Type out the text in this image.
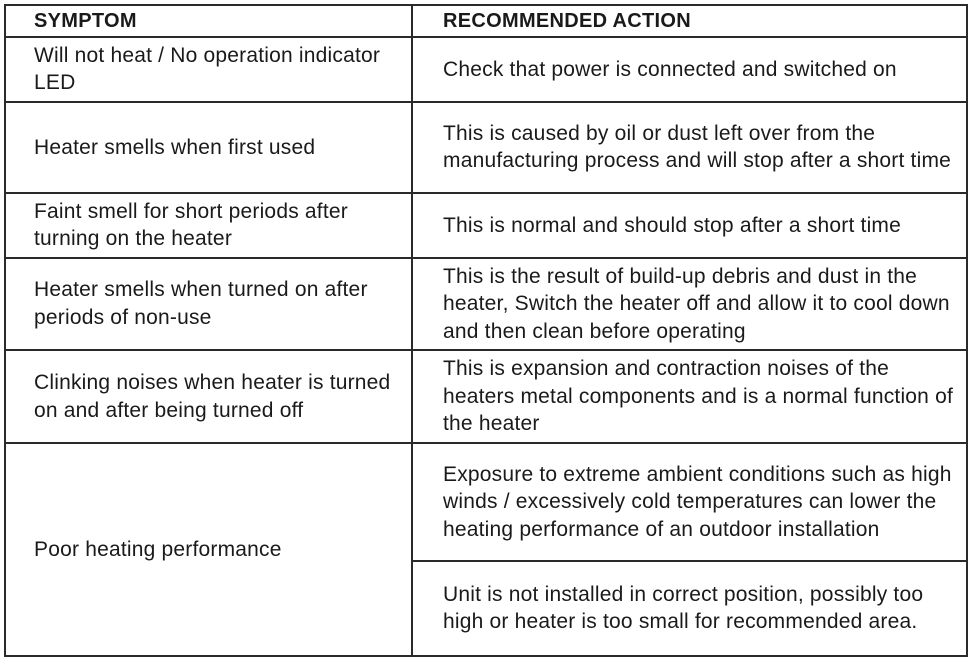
SYMPTOM	RECOMMENDED ACTION
Will not heat / No operation indicator LED	Check that power is connected and switched on
Heater smells when first used	This is caused by oil or dust left over from the manufacturing process and will stop after a short time
Faint smell for short periods after turning on the heater	This is normal and should stop after a short time
Heater smells when turned on after periods of non-use	This is the result of build-up debris and dust in the heater, Switch the heater off and allow it to cool down and then clean before operating
Clinking noises when heater is turned on and after being turned off	This is expansion and contraction noises of the heaters metal components and is a normal function of the heater
Poor heating performance	Exposure to extreme ambient conditions such as high winds / excessively cold temperatures can lower the heating performance of an outdoor installation
	Unit is not installed in correct position, possibly too high or heater is too small for recommended area.
